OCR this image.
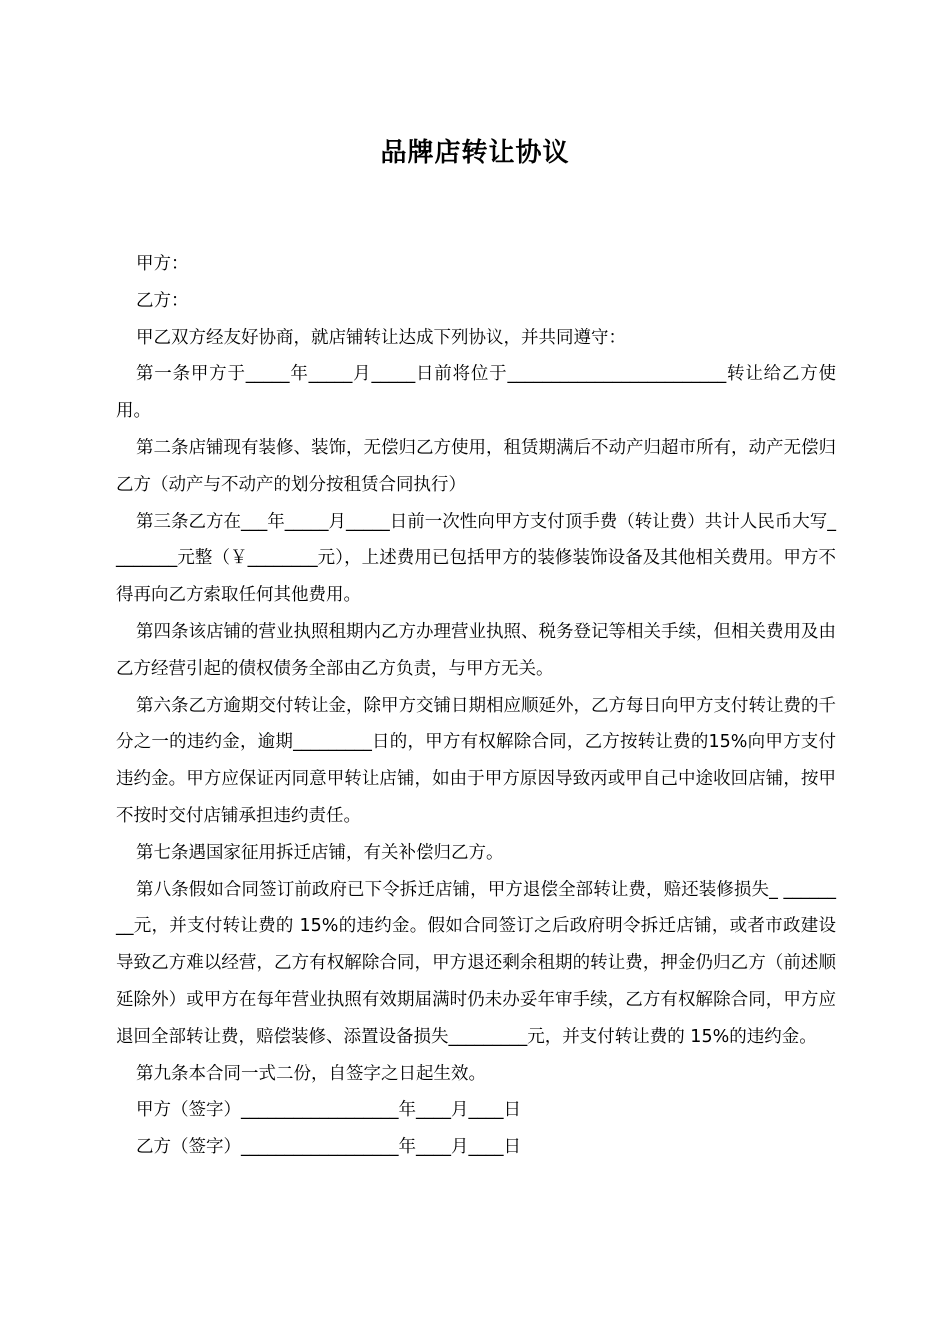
品牌店转让协议

甲方：

乙方：

甲乙双方经友好协商，就店铺转让达成下列协议，并共同遵守：

第一条甲方于_____年_____月_____日前将位于_________________________转让给乙方使用。

第二条店铺现有装修、装饰，无偿归乙方使用，租赁期满后不动产归超市所有，动产无偿归乙方（动产与不动产的划分按租赁合同执行）

第三条乙方在___年_____月_____日前一次性向甲方支付顶手费（转让费）共计人民币大写________元整（￥________元），上述费用已包括甲方的装修装饰设备及其他相关费用。甲方不得再向乙方索取任何其他费用。

第四条该店铺的营业执照租期内乙方办理营业执照、税务登记等相关手续，但相关费用及由乙方经营引起的债权债务全部由乙方负责，与甲方无关。

第六条乙方逾期交付转让金，除甲方交铺日期相应顺延外，乙方每日向甲方支付转让费的千分之一的违约金，逾期_________日的，甲方有权解除合同，乙方按转让费的15%向甲方支付违约金。甲方应保证丙同意甲转让店铺，如由于甲方原因导致丙或甲自己中途收回店铺，按甲不按时交付店铺承担违约责任。

第七条遇国家征用拆迁店铺，有关补偿归乙方。

第八条假如合同签订前政府已下令拆迁店铺，甲方退偿全部转让费，赔还装修损失_ ________元，并支付转让费的 15%的违约金。假如合同签订之后政府明令拆迁店铺，或者市政建设导致乙方难以经营，乙方有权解除合同，甲方退还剩余租期的转让费，押金仍归乙方（前述顺延除外）或甲方在每年营业执照有效期届满时仍未办妥年审手续，乙方有权解除合同，甲方应退回全部转让费，赔偿装修、添置设备损失_________元，并支付转让费的 15%的违约金。

第九条本合同一式二份，自签字之日起生效。

甲方（签字）__________________年____月____日

乙方（签字）__________________年____月____日
